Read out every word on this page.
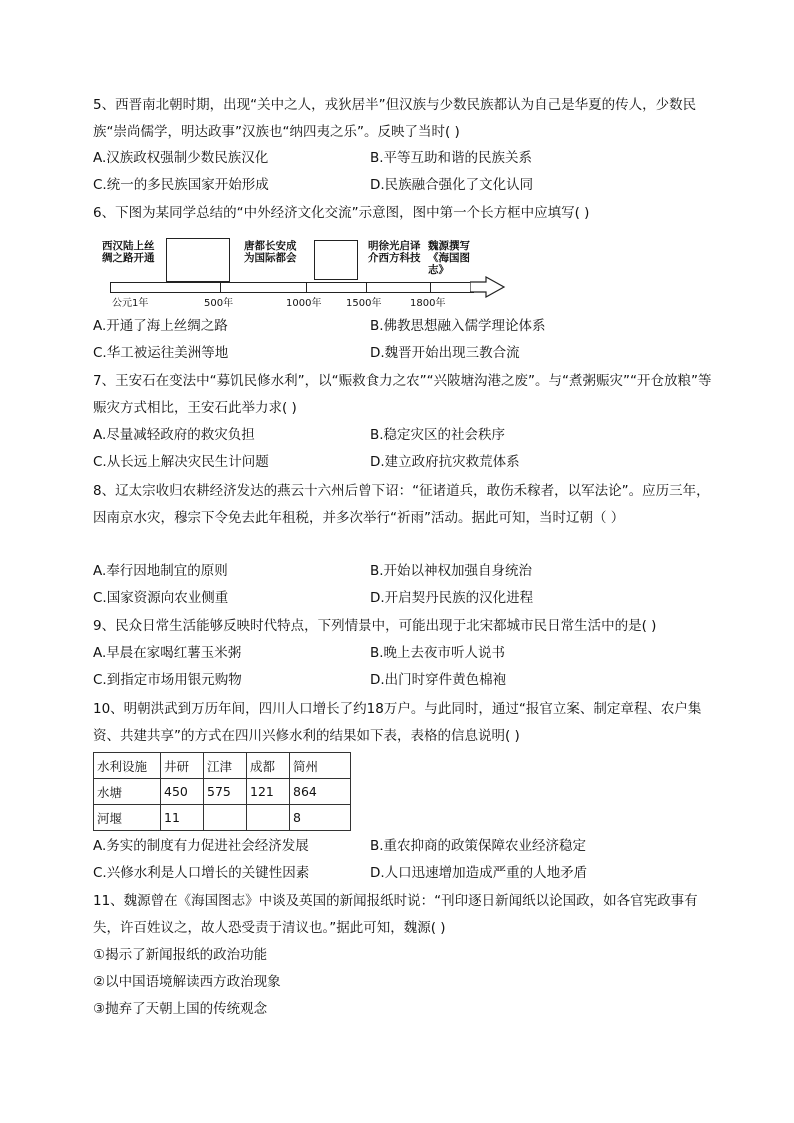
5、西晋南北朝时期，出现“关中之人，戎狄居半”但汉族与少数民族都认为自己是华夏的传人，少数民族“崇尚儒学，明达政事”汉族也“纳四夷之乐”。反映了当时( )
A.汉族政权强制少数民族汉化	B.平等互助和谐的民族关系
C.统一的多民族国家开始形成	D.民族融合强化了文化认同
6、下图为某同学总结的“中外经济文化交流”示意图，图中第一个长方框中应填写( )
西汉陆上丝绸之路开通
唐都长安成为国际都会
明徐光启译介西方科技
魏源撰写《海国图志》
公元1年	500年	1000年 1500年	1800年
A.开通了海上丝绸之路	B.佛教思想融入儒学理论体系
C.华工被运往美洲等地	D.魏晋开始出现三教合流
7、王安石在变法中“募饥民修水利”，以“赈救食力之农”“兴陂塘沟港之废”。与“煮粥赈灾”“开仓放粮”等赈灾方式相比，王安石此举力求( )
A.尽量减轻政府的救灾负担	B.稳定灾区的社会秩序
C.从长远上解决灾民生计问题	D.建立政府抗灾救荒体系
8、辽太宗收归农耕经济发达的燕云十六州后曾下诏：“征诸道兵，敢伤禾稼者，以军法论”。应历三年，因南京水灾，穆宗下令免去此年租税，并多次举行“祈雨”活动。据此可知，当时辽朝（ ）
A.奉行因地制宜的原则	B.开始以神权加强自身统治
C.国家资源向农业侧重	D.开启契丹民族的汉化进程
9、民众日常生活能够反映时代特点，下列情景中，可能出现于北宋都城市民日常生活中的是( )
A.早晨在家喝红薯玉米粥	B.晚上去夜市听人说书
C.到指定市场用银元购物	D.出门时穿件黄色棉袍
10、明朝洪武到万历年间，四川人口增长了约18万户。与此同时，通过“报官立案、制定章程、农户集资、共建共享”的方式在四川兴修水利的结果如下表，表格的信息说明( )
水利设施	井研	江津	成都	简州
水塘	450	575	121	864
河堰	11			8
A.务实的制度有力促进社会经济发展	B.重农抑商的政策保障农业经济稳定
C.兴修水利是人口增长的关键性因素	D.人口迅速增加造成严重的人地矛盾
11、魏源曾在《海国图志》中谈及英国的新闻报纸时说：“刊印逐日新闻纸以论国政，如各官宪政事有失，许百姓议之，故人恐受责于清议也。”据此可知，魏源( )
①揭示了新闻报纸的政治功能
②以中国语境解读西方政治现象
③抛弃了天朝上国的传统观念
